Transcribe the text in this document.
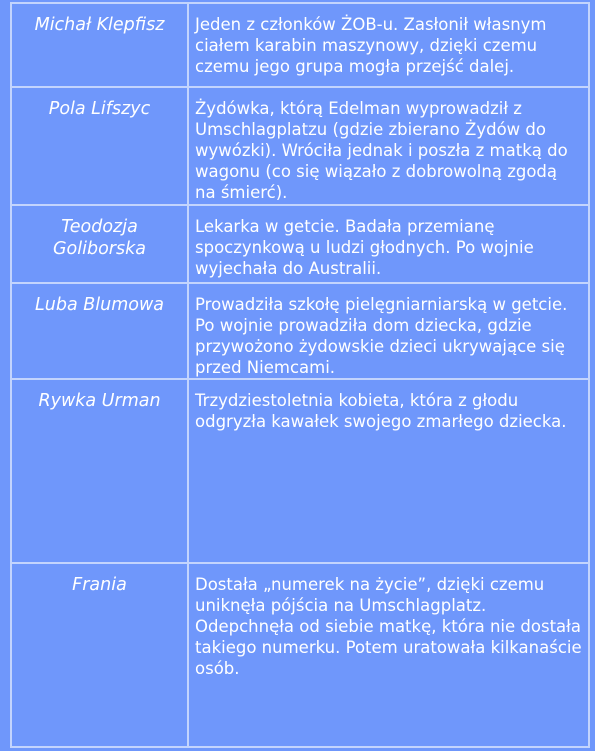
Michał Klepfisz	Jeden z członków ŻOB-u. Zasłonił własnym ciałem karabin maszynowy, dzięki czemu czemu jego grupa mogła przejść dalej.

Pola Lifszyc	Żydówka, którą Edelman wyprowadził z Umschlagplatzu (gdzie zbierano Żydów do wywózki). Wróciła jednak i poszła z matką do wagonu (co się wiązało z dobrowolną zgodą na śmierć).

Teodozja Goliborska	Lekarka w getcie. Badała przemianę spoczynkową u ludzi głodnych. Po wojnie wyjechała do Australii.

Luba Blumowa	Prowadziła szkołę pielęgniarniarską w getcie. Po wojnie prowadziła dom dziecka, gdzie przywożono żydowskie dzieci ukrywające się przed Niemcami.

Rywka Urman	Trzydziestoletnia kobieta, która z głodu odgryzła kawałek swojego zmarłego dziecka.

Frania	Dostała „numerek na życie”, dzięki czemu uniknęła pójścia na Umschlagplatz. Odepchnęła od siebie matkę, która nie dostała takiego numerku. Potem uratowała kilkanaście osób.
